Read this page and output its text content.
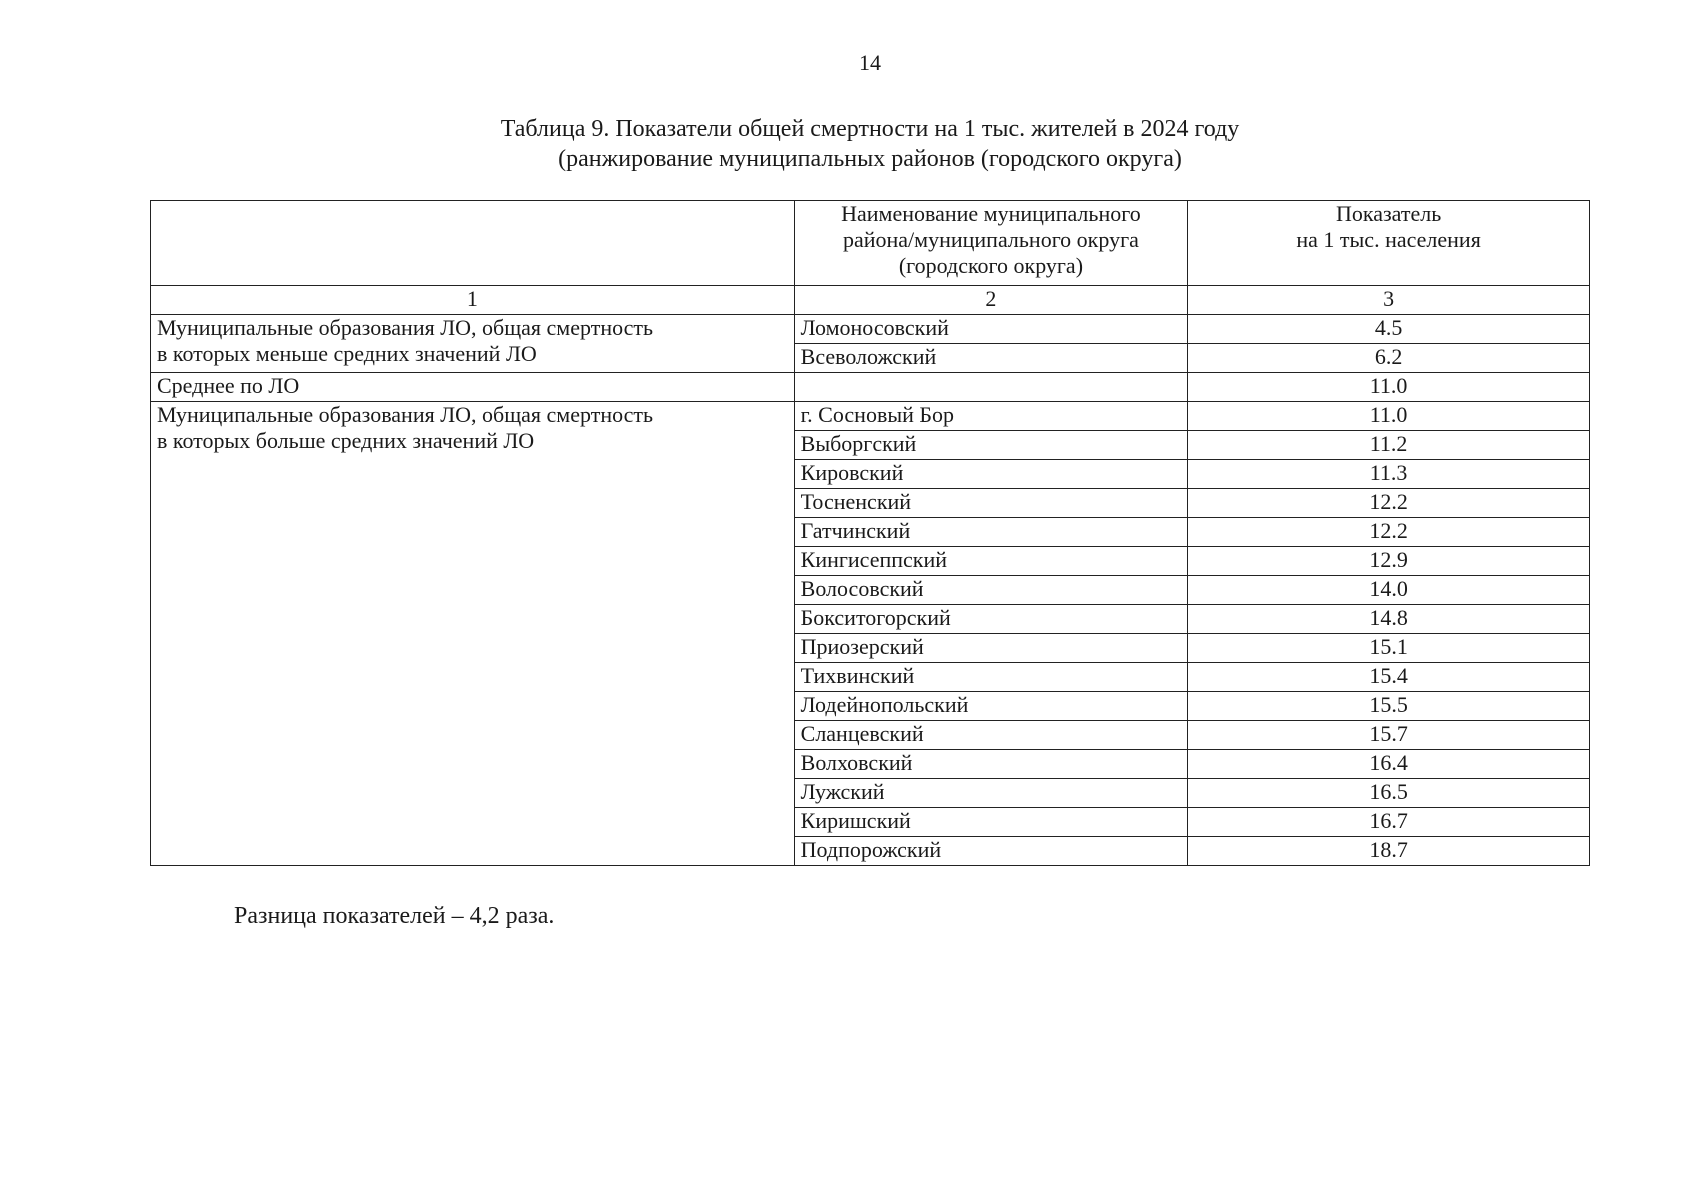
14
Таблица 9. Показатели общей смертности на 1 тыс. жителей в 2024 году
(ранжирование муниципальных районов (городского округа)

	Наименование муниципального
района/муниципального округа
(городского округа)	Показатель
на 1 тыс. населения

1	2	3

Муниципальные образования ЛО, общая смертность
в которых меньше средних значений ЛО	Ломоносовский	4.5
	Всеволожский	6.2
Среднее по ЛО		11.0

Муниципальные образования ЛО, общая смертность
в которых больше средних значений ЛО	г. Сосновый Бор	11.0
	Выборгский	11.2
	Кировский	11.3
	Тосненский	12.2
	Гатчинский	12.2
	Кингисеппский	12.9
	Волосовский	14.0
	Бокситогорский	14.8
	Приозерский	15.1
	Тихвинский	15.4
	Лодейнопольский	15.5
	Сланцевский	15.7
	Волховский	16.4
	Лужский	16.5
	Киришский	16.7
	Подпорожский	18.7
Разница показателей – 4,2 раза.
